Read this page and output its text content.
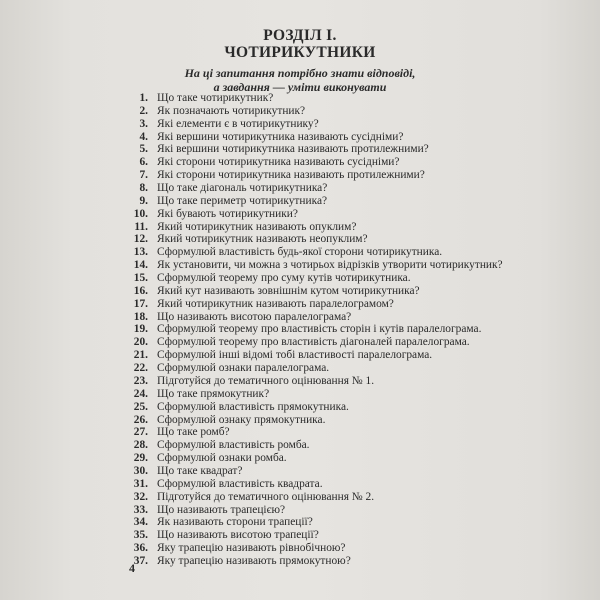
РОЗДІЛ І.
ЧОТИРИКУТНИКИ
На ці запитання потрібно знати відповіді,
а завдання — уміти виконувати
1. Що таке чотирикутник?
2. Як позначають чотирикутник?
3. Які елементи є в чотирикутнику?
4. Які вершини чотирикутника називають сусідніми?
5. Які вершини чотирикутника називають протилежними?
6. Які сторони чотирикутника називають сусідніми?
7. Які сторони чотирикутника називають протилежними?
8. Що таке діагональ чотирикутника?
9. Що таке периметр чотирикутника?
10. Які бувають чотирикутники?
11. Який чотирикутник називають опуклим?
12. Який чотирикутник називають неопуклим?
13. Сформулюй властивість будь-якої сторони чотирикутника.
14. Як установити, чи можна з чотирьох відрізків утворити чотирикутник?
15. Сформулюй теорему про суму кутів чотирикутника.
16. Який кут називають зовнішнім кутом чотирикутника?
17. Який чотирикутник називають паралелограмом?
18. Що називають висотою паралелограма?
19. Сформулюй теорему про властивість сторін і кутів паралелограма.
20. Сформулюй теорему про властивість діагоналей паралелограма.
21. Сформулюй інші відомі тобі властивості паралелограма.
22. Сформулюй ознаки паралелограма.
23. Підготуйся до тематичного оцінювання № 1.
24. Що таке прямокутник?
25. Сформулюй властивість прямокутника.
26. Сформулюй ознаку прямокутника.
27. Що таке ромб?
28. Сформулюй властивість ромба.
29. Сформулюй ознаки ромба.
30. Що таке квадрат?
31. Сформулюй властивість квадрата.
32. Підготуйся до тематичного оцінювання № 2.
33. Що називають трапецією?
34. Як називають сторони трапеції?
35. Що називають висотою трапеції?
36. Яку трапецію називають рівнобічною?
37. Яку трапецію називають прямокутною?
4
